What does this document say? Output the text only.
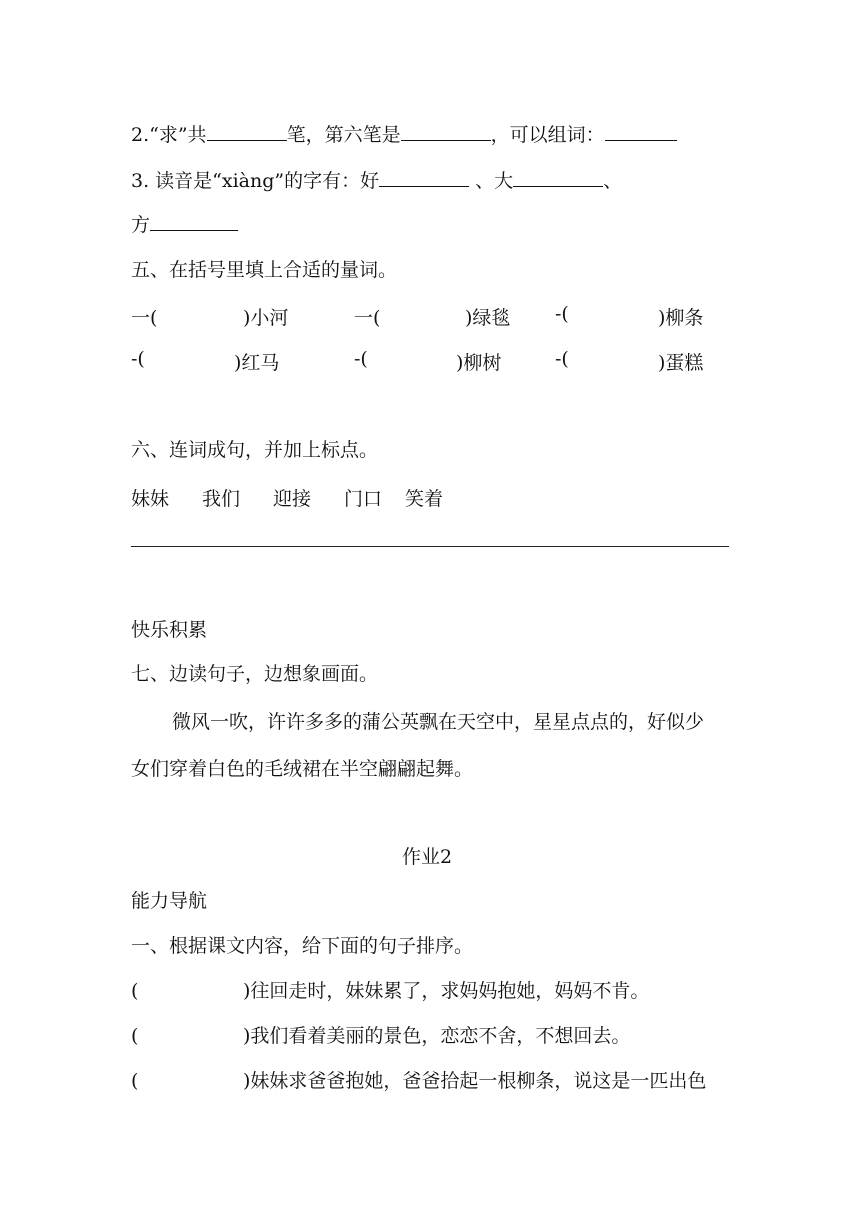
2.“求”共	笔，第六笔是	，可以组词：
3. 读音是“xiàng”的字有：好	、大	、
方
五、在括号里填上合适的量词。
一(	)小河	一(	)绿毯 -(	)柳条
-(	)红马	-(	)柳树	-(	)蛋糕
六、连词成句，并加上标点。
妹妹 我们 迎接 门口 笑着
快乐积累
七、边读句子，边想象画面。
微风一吹，许许多多的蒲公英飘在天空中，星星点点的，好似少
女们穿着白色的毛绒裙在半空翩翩起舞。
作业2
能力导航
一、根据课文内容，给下面的句子排序。
(	)往回走时，妹妹累了，求妈妈抱她，妈妈不肯。
(	)我们看着美丽的景色，恋恋不舍，不想回去。
(	)妹妹求爸爸抱她，爸爸拾起一根柳条，说这是一匹出色
